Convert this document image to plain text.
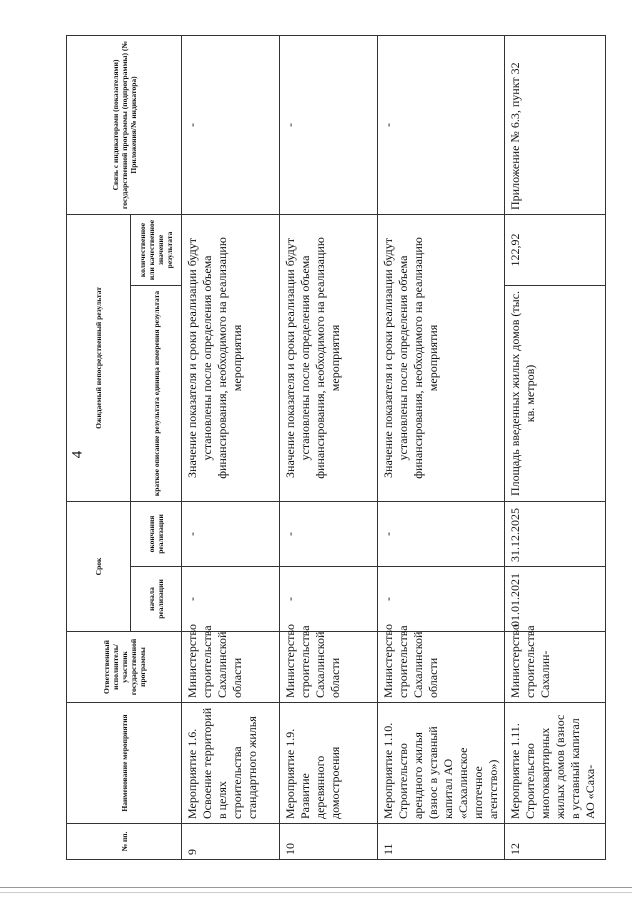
4
№ пп.	Наименование мероприятия	Ответственный исполнитель/участник государственной программы	Срок		Ожидаемый непосредственный результат		Связь с индикаторами (показателями) государственной программы (подпрограммы) (№ Приложения/№ индикатора)
			начала реализации	окончания реализации	краткое описание результата единица измерения результата	количественное или качественное значение результата	
9	Мероприятие 1.6. Освоение территорий в целях строительства стандартного жилья	Министерство строительства Сахалинской области	-	-	Значение показателя и сроки реализации будут установлены после определения объема финансирования, необходимого на реализацию мероприятия		-
10	Мероприятие 1.9. Развитие деревянного домостроения	Министерство строительства Сахалинской области	-	-	Значение показателя и сроки реализации будут установлены после определения объема финансирования, необходимого на реализацию мероприятия		-
11	Мероприятие 1.10. Строительство арендного жилья (взнос в уставный капитал АО «Сахалинское ипотечное агентство»)	Министерство строительства Сахалинской области	-	-	Значение показателя и сроки реализации будут установлены после определения объема финансирования, необходимого на реализацию мероприятия		-
12	Мероприятие 1.11. Строительство многоквартирных жилых домов (взнос в уставный капитал АО «Саха-	Министерство строительства Сахалин-	01.01.2021	31.12.2025	Площадь введенных жилых домов (тыс. кв. метров)	122,92	Приложение № 6.3, пункт 32
